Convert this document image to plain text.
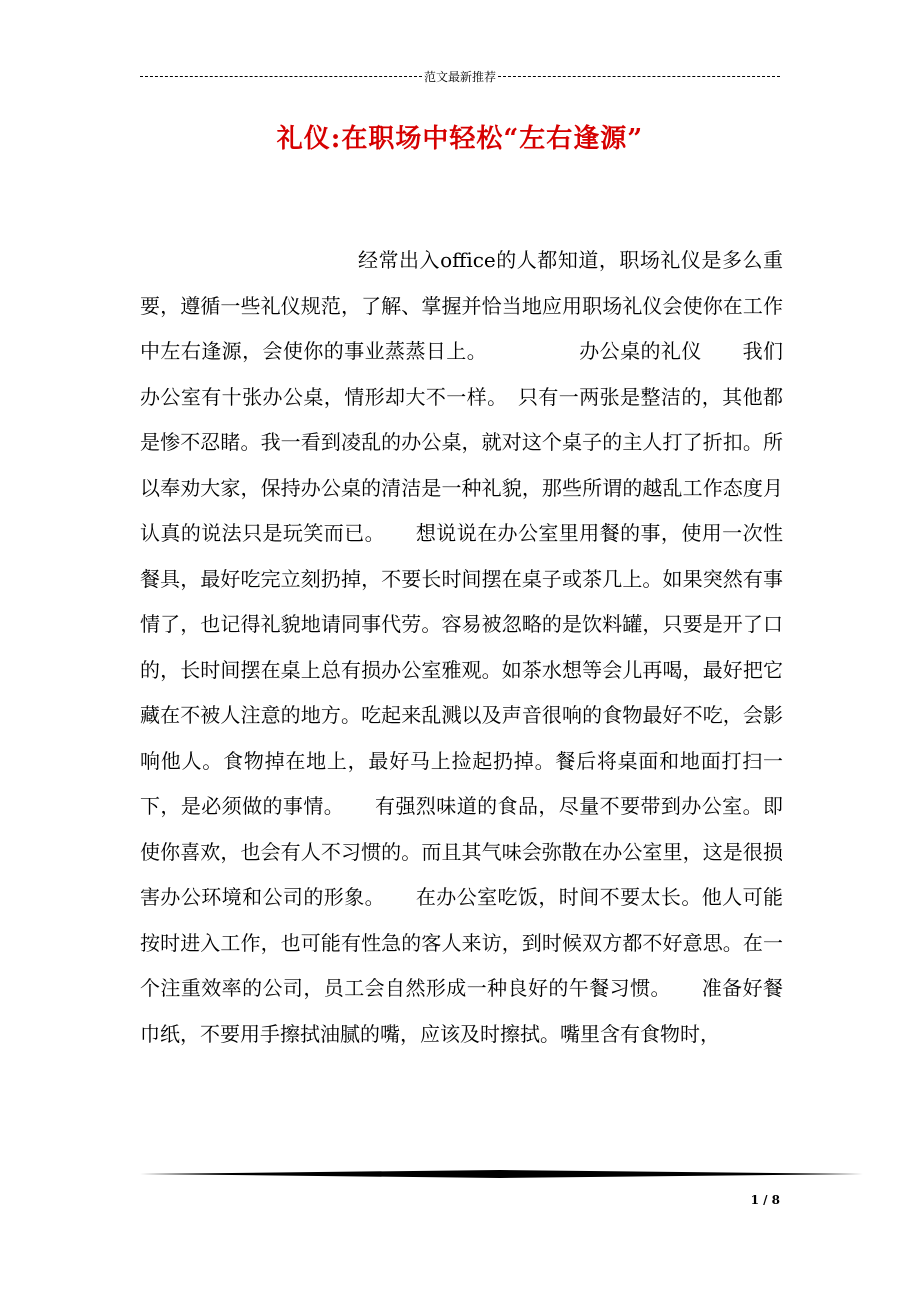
范文最新推荐
礼仪:在职场中轻松“左右逢源”

经常出入office的人都知道，职场礼仪是多么重要，遵循一些礼仪规范，了解、掌握并恰当地应用职场礼仪会使你在工作中左右逢源，会使你的事业蒸蒸日上。　　　　　办公桌的礼仪　　我们办公室有十张办公桌，情形却大不一样。　只有一两张是整洁的，其他都是惨不忍睹。我一看到凌乱的办公桌，就对这个桌子的主人打了折扣。所以奉劝大家，保持办公桌的清洁是一种礼貌，那些所谓的越乱工作态度月认真的说法只是玩笑而已。　　想说说在办公室里用餐的事，使用一次性餐具，最好吃完立刻扔掉，不要长时间摆在桌子或茶几上。如果突然有事情了，也记得礼貌地请同事代劳。容易被忽略的是饮料罐，只要是开了口的，长时间摆在桌上总有损办公室雅观。如茶水想等会儿再喝，最好把它藏在不被人注意的地方。吃起来乱溅以及声音很响的食物最好不吃，会影响他人。食物掉在地上，最好马上捡起扔掉。餐后将桌面和地面打扫一下，是必须做的事情。　　有强烈味道的食品，尽量不要带到办公室。即使你喜欢，也会有人不习惯的。而且其气味会弥散在办公室里，这是很损害办公环境和公司的形象。　　在办公室吃饭，时间不要太长。他人可能按时进入工作，也可能有性急的客人来访，到时候双方都不好意思。在一个注重效率的公司，员工会自然形成一种良好的午餐习惯。　　准备好餐巾纸，不要用手擦拭油腻的嘴，应该及时擦拭。嘴里含有食物时，

1 / 8
